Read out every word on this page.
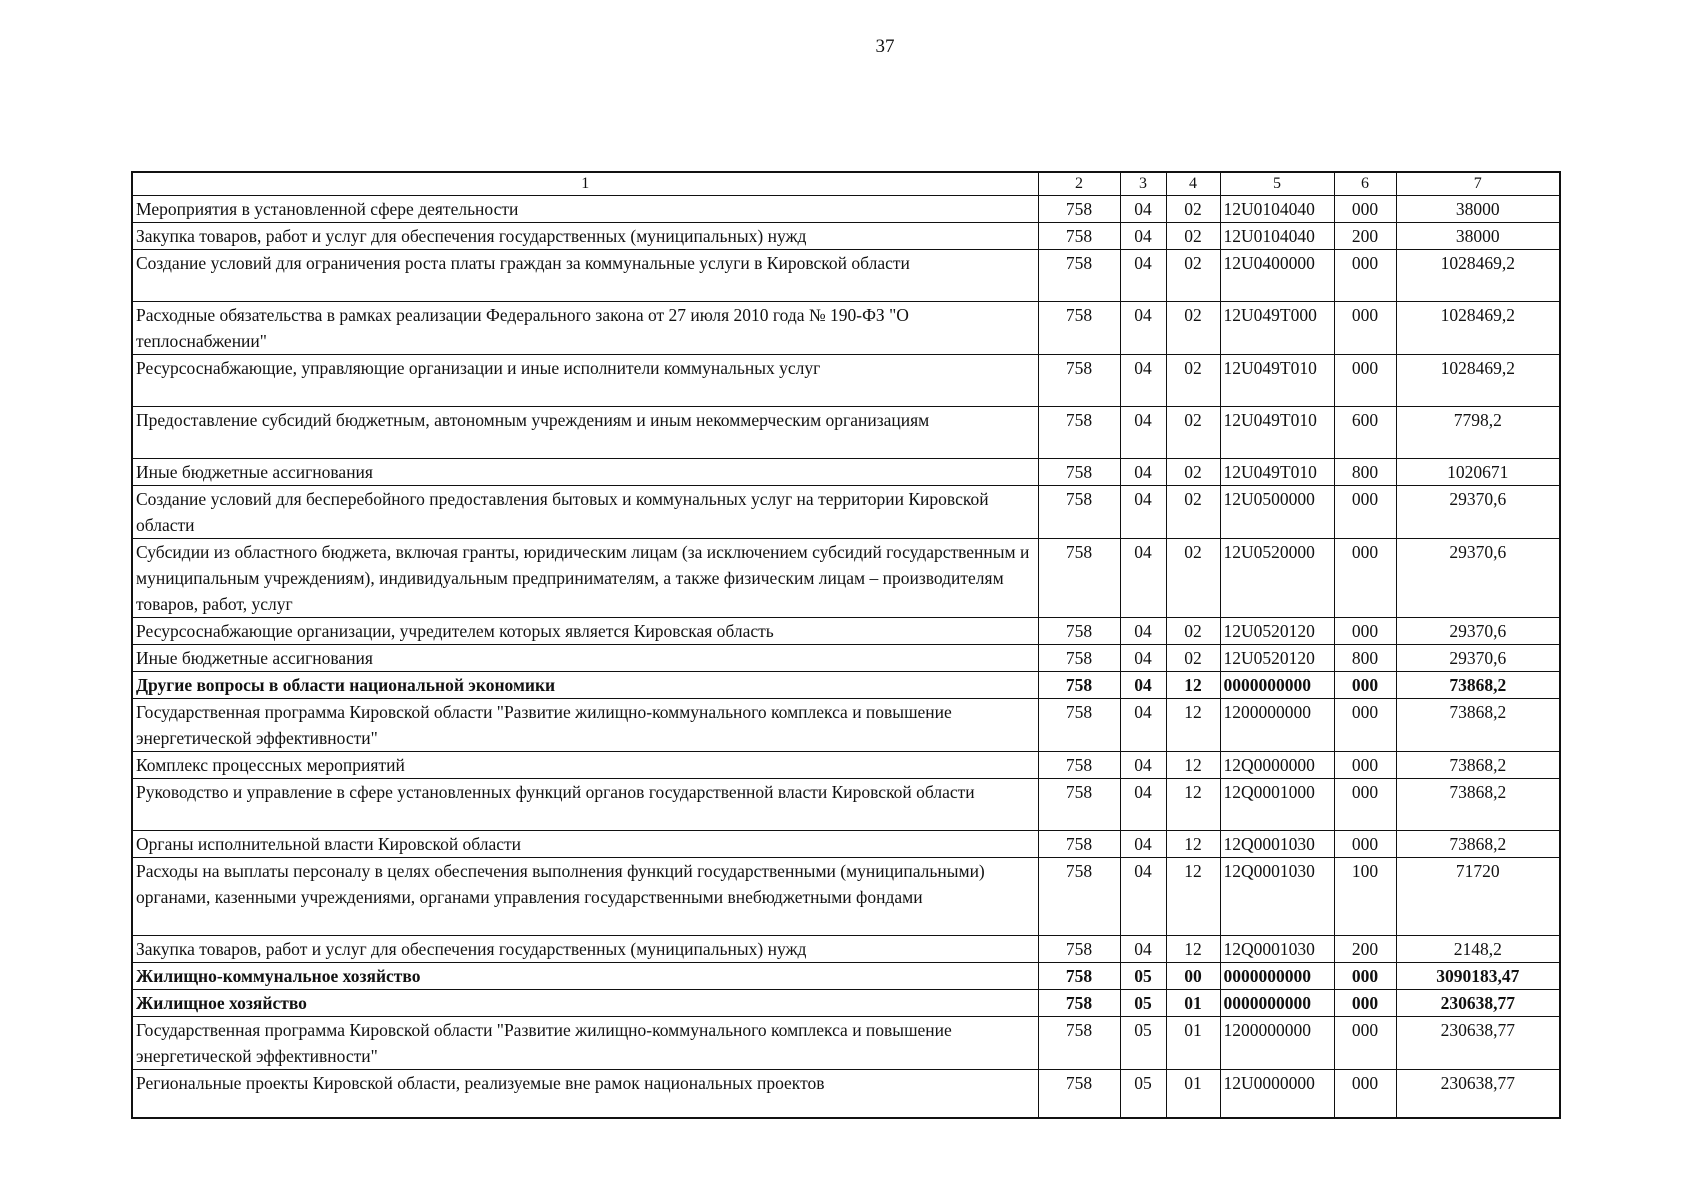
37
1	2	3	4	5	6	7
Мероприятия в установленной сфере деятельности	758	04	02	12U0104040	000	38000
Закупка товаров, работ и услуг для обеспечения государственных (муниципальных) нужд	758	04	02	12U0104040	200	38000
Создание условий для ограничения роста платы граждан за коммунальные услуги в Кировской области	758	04	02	12U0400000	000	1028469,2
Расходные обязательства в рамках реализации Федерального закона от 27 июля 2010 года № 190-ФЗ "О теплоснабжении"	758	04	02	12U049T000	000	1028469,2
Ресурсоснабжающие, управляющие организации и иные исполнители коммунальных услуг	758	04	02	12U049T010	000	1028469,2
Предоставление субсидий бюджетным, автономным учреждениям и иным некоммерческим организациям	758	04	02	12U049T010	600	7798,2
Иные бюджетные ассигнования	758	04	02	12U049T010	800	1020671
Создание условий для бесперебойного предоставления бытовых и коммунальных услуг на территории Кировской области	758	04	02	12U0500000	000	29370,6
Субсидии из областного бюджета, включая гранты, юридическим лицам (за исключением субсидий государственным и муниципальным учреждениям), индивидуальным предпринимателям, а также физическим лицам – производителям товаров, работ, услуг	758	04	02	12U0520000	000	29370,6
Ресурсоснабжающие организации, учредителем которых является Кировская область	758	04	02	12U0520120	000	29370,6
Иные бюджетные ассигнования	758	04	02	12U0520120	800	29370,6
Другие вопросы в области национальной экономики	758	04	12	0000000000	000	73868,2
Государственная программа Кировской области "Развитие жилищно-коммунального комплекса и повышение энергетической эффективности"	758	04	12	1200000000	000	73868,2
Комплекс процессных мероприятий	758	04	12	12Q0000000	000	73868,2
Руководство и управление в сфере установленных функций органов государственной власти Кировской области	758	04	12	12Q0001000	000	73868,2
Органы исполнительной власти Кировской области	758	04	12	12Q0001030	000	73868,2
Расходы на выплаты персоналу в целях обеспечения выполнения функций государственными (муниципальными) органами, казенными учреждениями, органами управления государственными внебюджетными фондами	758	04	12	12Q0001030	100	71720
Закупка товаров, работ и услуг для обеспечения государственных (муниципальных) нужд	758	04	12	12Q0001030	200	2148,2
Жилищно-коммунальное хозяйство	758	05	00	0000000000	000	3090183,47
Жилищное хозяйство	758	05	01	0000000000	000	230638,77
Государственная программа Кировской области "Развитие жилищно-коммунального комплекса и повышение энергетической эффективности"	758	05	01	1200000000	000	230638,77
Региональные проекты Кировской области, реализуемые вне рамок национальных проектов	758	05	01	12U0000000	000	230638,77
